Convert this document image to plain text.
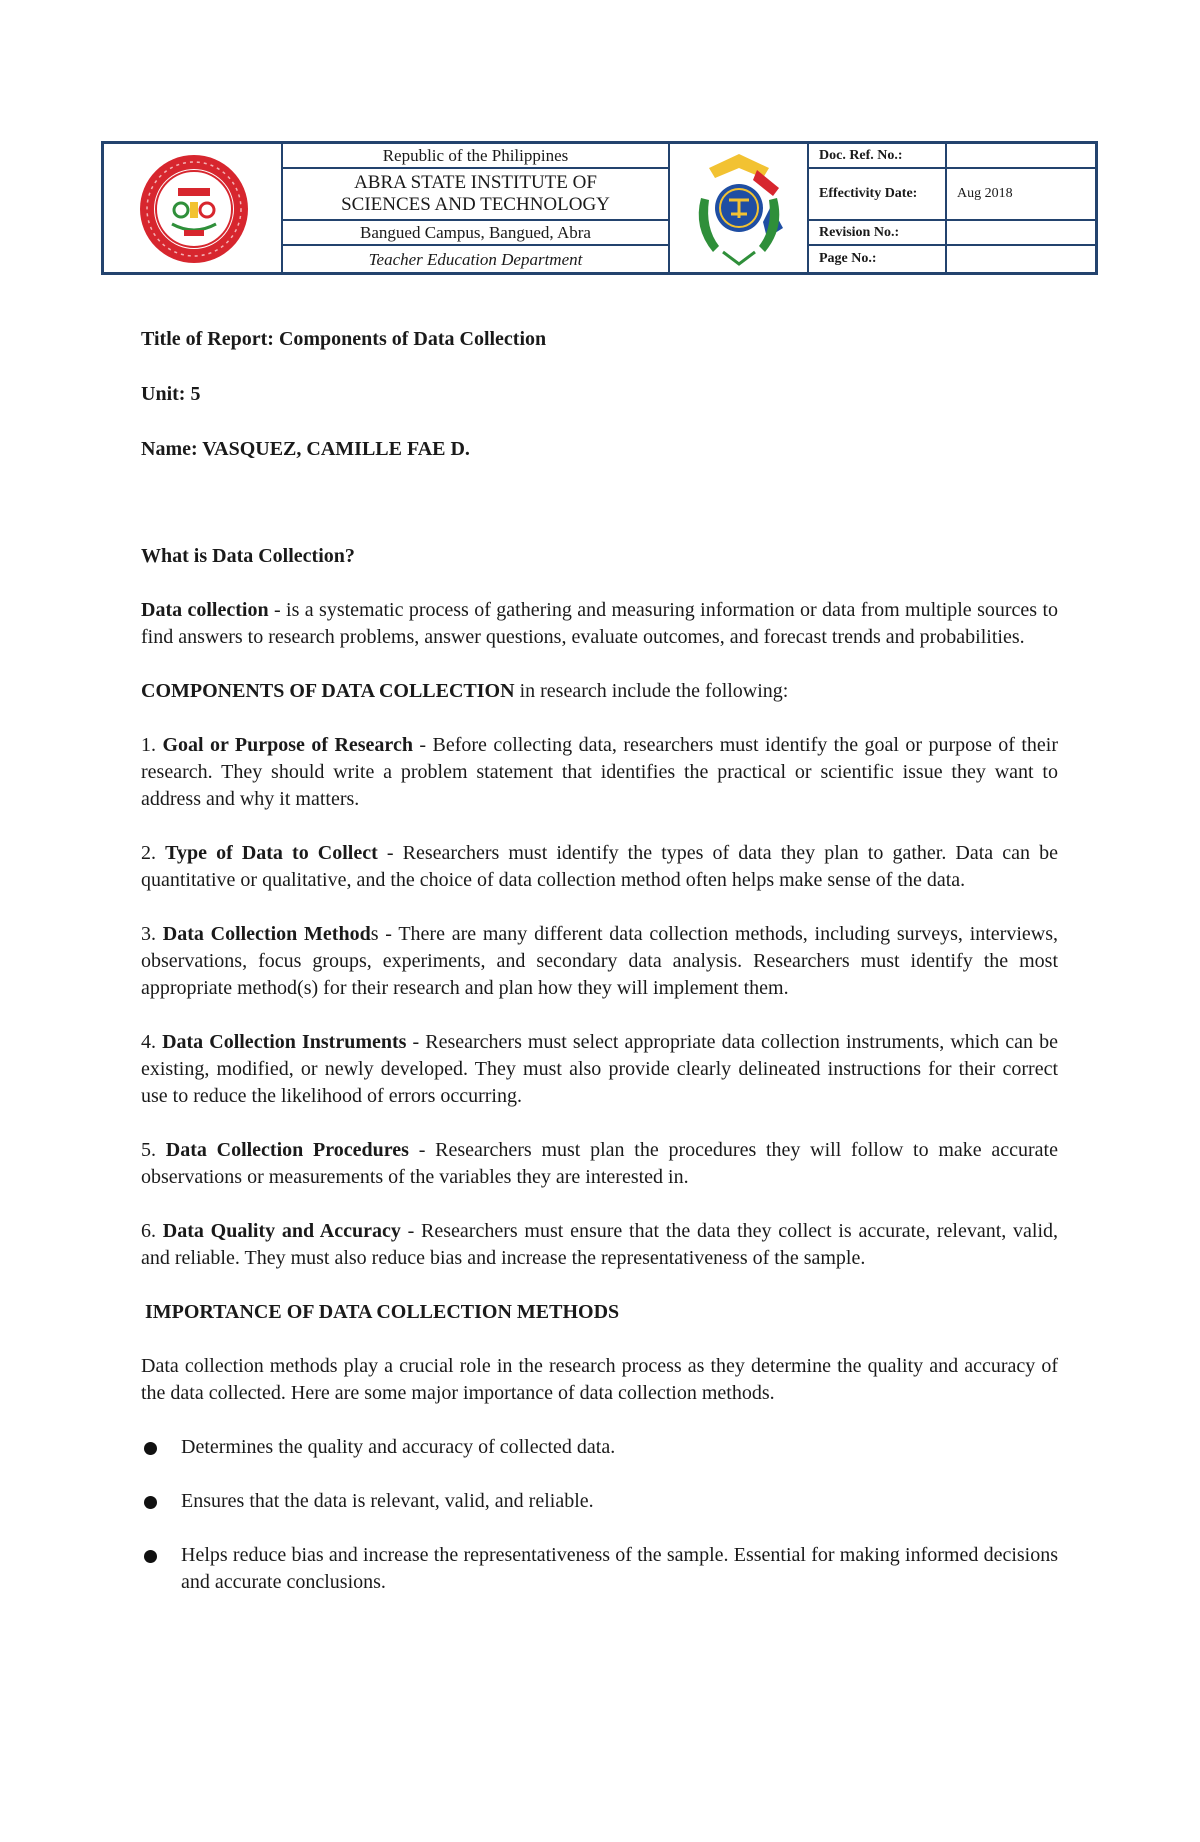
Republic of the Philippines
ABRA STATE INSTITUTE OF
SCIENCES AND TECHNOLOGY
Bangued Campus, Bangued, Abra
Teacher Education Department
Doc. Ref. No.:
Effectivity Date:	Aug 2018
Revision No.:
Page No.:

Title of Report: Components of Data Collection

Unit: 5

Name: VASQUEZ, CAMILLE FAE D.

What is Data Collection?

Data collection - is a systematic process of gathering and measuring information or data from multiple sources to find answers to research problems, answer questions, evaluate outcomes, and forecast trends and probabilities.

COMPONENTS OF DATA COLLECTION in research include the following:

1. Goal or Purpose of Research - Before collecting data, researchers must identify the goal or purpose of their research. They should write a problem statement that identifies the practical or scientific issue they want to address and why it matters.

2. Type of Data to Collect - Researchers must identify the types of data they plan to gather. Data can be quantitative or qualitative, and the choice of data collection method often helps make sense of the data.

3. Data Collection Methods - There are many different data collection methods, including surveys, interviews, observations, focus groups, experiments, and secondary data analysis. Researchers must identify the most appropriate method(s) for their research and plan how they will implement them.

4. Data Collection Instruments - Researchers must select appropriate data collection instruments, which can be existing, modified, or newly developed. They must also provide clearly delineated instructions for their correct use to reduce the likelihood of errors occurring.

5. Data Collection Procedures - Researchers must plan the procedures they will follow to make accurate observations or measurements of the variables they are interested in.

6. Data Quality and Accuracy - Researchers must ensure that the data they collect is accurate, relevant, valid, and reliable. They must also reduce bias and increase the representativeness of the sample.

IMPORTANCE OF DATA COLLECTION METHODS

Data collection methods play a crucial role in the research process as they determine the quality and accuracy of the data collected. Here are some major importance of data collection methods.

Determines the quality and accuracy of collected data.
Ensures that the data is relevant, valid, and reliable.
Helps reduce bias and increase the representativeness of the sample. Essential for making informed decisions and accurate conclusions.
